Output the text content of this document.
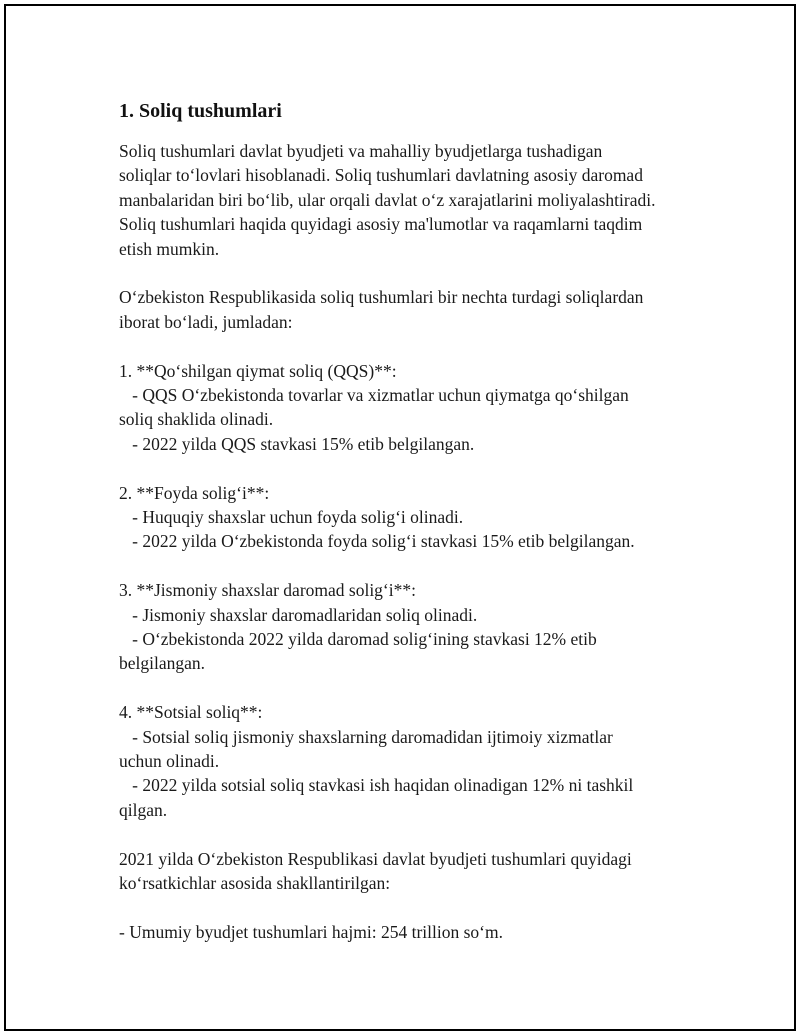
1. Soliq tushumlari

Soliq tushumlari davlat byudjeti va mahalliy byudjetlarga tushadigan
soliqlar to‘lovlari hisoblanadi. Soliq tushumlari davlatning asosiy daromad
manbalaridan biri bo‘lib, ular orqali davlat o‘z xarajatlarini moliyalashtiradi.
Soliq tushumlari haqida quyidagi asosiy ma'lumotlar va raqamlarni taqdim
etish mumkin.

O‘zbekiston Respublikasida soliq tushumlari bir nechta turdagi soliqlardan
iborat bo‘ladi, jumladan:

1. **Qo‘shilgan qiymat soliq (QQS)**:

- QQS O‘zbekistonda tovarlar va xizmatlar uchun qiymatga qo‘shilgan
soliq shaklida olinadi.
- 2022 yilda QQS stavkasi 15% etib belgilangan.

2. **Foyda solig‘i**:

- Huquqiy shaxslar uchun foyda solig‘i olinadi.
- 2022 yilda O‘zbekistonda foyda solig‘i stavkasi 15% etib belgilangan.

3. **Jismoniy shaxslar daromad solig‘i**:

- Jismoniy shaxslar daromadlaridan soliq olinadi.
- O‘zbekistonda 2022 yilda daromad solig‘ining stavkasi 12% etib
belgilangan.

4. **Sotsial soliq**:

- Sotsial soliq jismoniy shaxslarning daromadidan ijtimoiy xizmatlar
uchun olinadi.
- 2022 yilda sotsial soliq stavkasi ish haqidan olinadigan 12% ni tashkil
qilgan.

2021 yilda O‘zbekiston Respublikasi davlat byudjeti tushumlari quyidagi
ko‘rsatkichlar asosida shakllantirilgan:

- Umumiy byudjet tushumlari hajmi: 254 trillion so‘m.
